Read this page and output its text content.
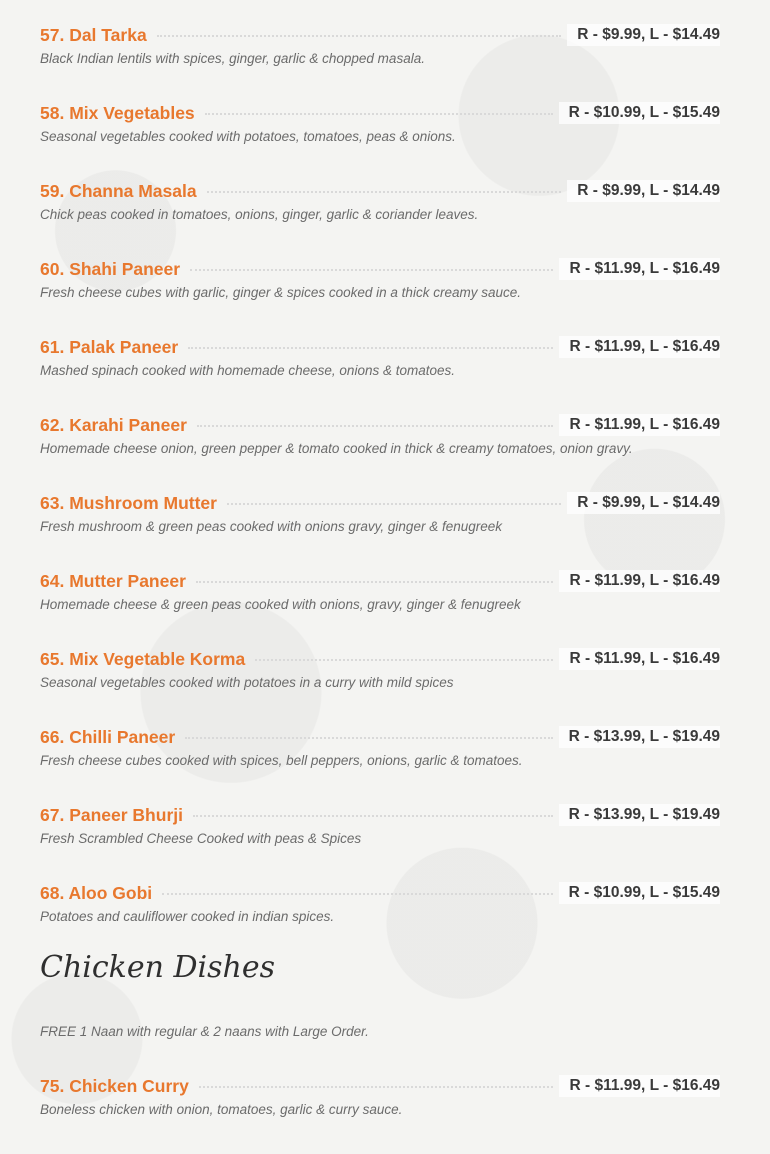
57. Dal Tarka	R - $9.99, L - $14.49
Black Indian lentils with spices, ginger, garlic & chopped masala.
58. Mix Vegetables	R - $10.99, L - $15.49
Seasonal vegetables cooked with potatoes, tomatoes, peas & onions.
59. Channa Masala	R - $9.99, L - $14.49
Chick peas cooked in tomatoes, onions, ginger, garlic & coriander leaves.
60. Shahi Paneer	R - $11.99, L - $16.49
Fresh cheese cubes with garlic, ginger & spices cooked in a thick creamy sauce.
61. Palak Paneer	R - $11.99, L - $16.49
Mashed spinach cooked with homemade cheese, onions & tomatoes.
62. Karahi Paneer	R - $11.99, L - $16.49
Homemade cheese onion, green pepper & tomato cooked in thick & creamy tomatoes, onion gravy.
63. Mushroom Mutter	R - $9.99, L - $14.49
Fresh mushroom & green peas cooked with onions gravy, ginger & fenugreek
64. Mutter Paneer	R - $11.99, L - $16.49
Homemade cheese & green peas cooked with onions, gravy, ginger & fenugreek
65. Mix Vegetable Korma	R - $11.99, L - $16.49
Seasonal vegetables cooked with potatoes in a curry with mild spices
66. Chilli Paneer	R - $13.99, L - $19.49
Fresh cheese cubes cooked with spices, bell peppers, onions, garlic & tomatoes.
67. Paneer Bhurji	R - $13.99, L - $19.49
Fresh Scrambled Cheese Cooked with peas & Spices
68. Aloo Gobi	R - $10.99, L - $15.49
Potatoes and cauliflower cooked in indian spices.
Chicken Dishes
FREE 1 Naan with regular & 2 naans with Large Order.
75. Chicken Curry	R - $11.99, L - $16.49
Boneless chicken with onion, tomatoes, garlic & curry sauce.
